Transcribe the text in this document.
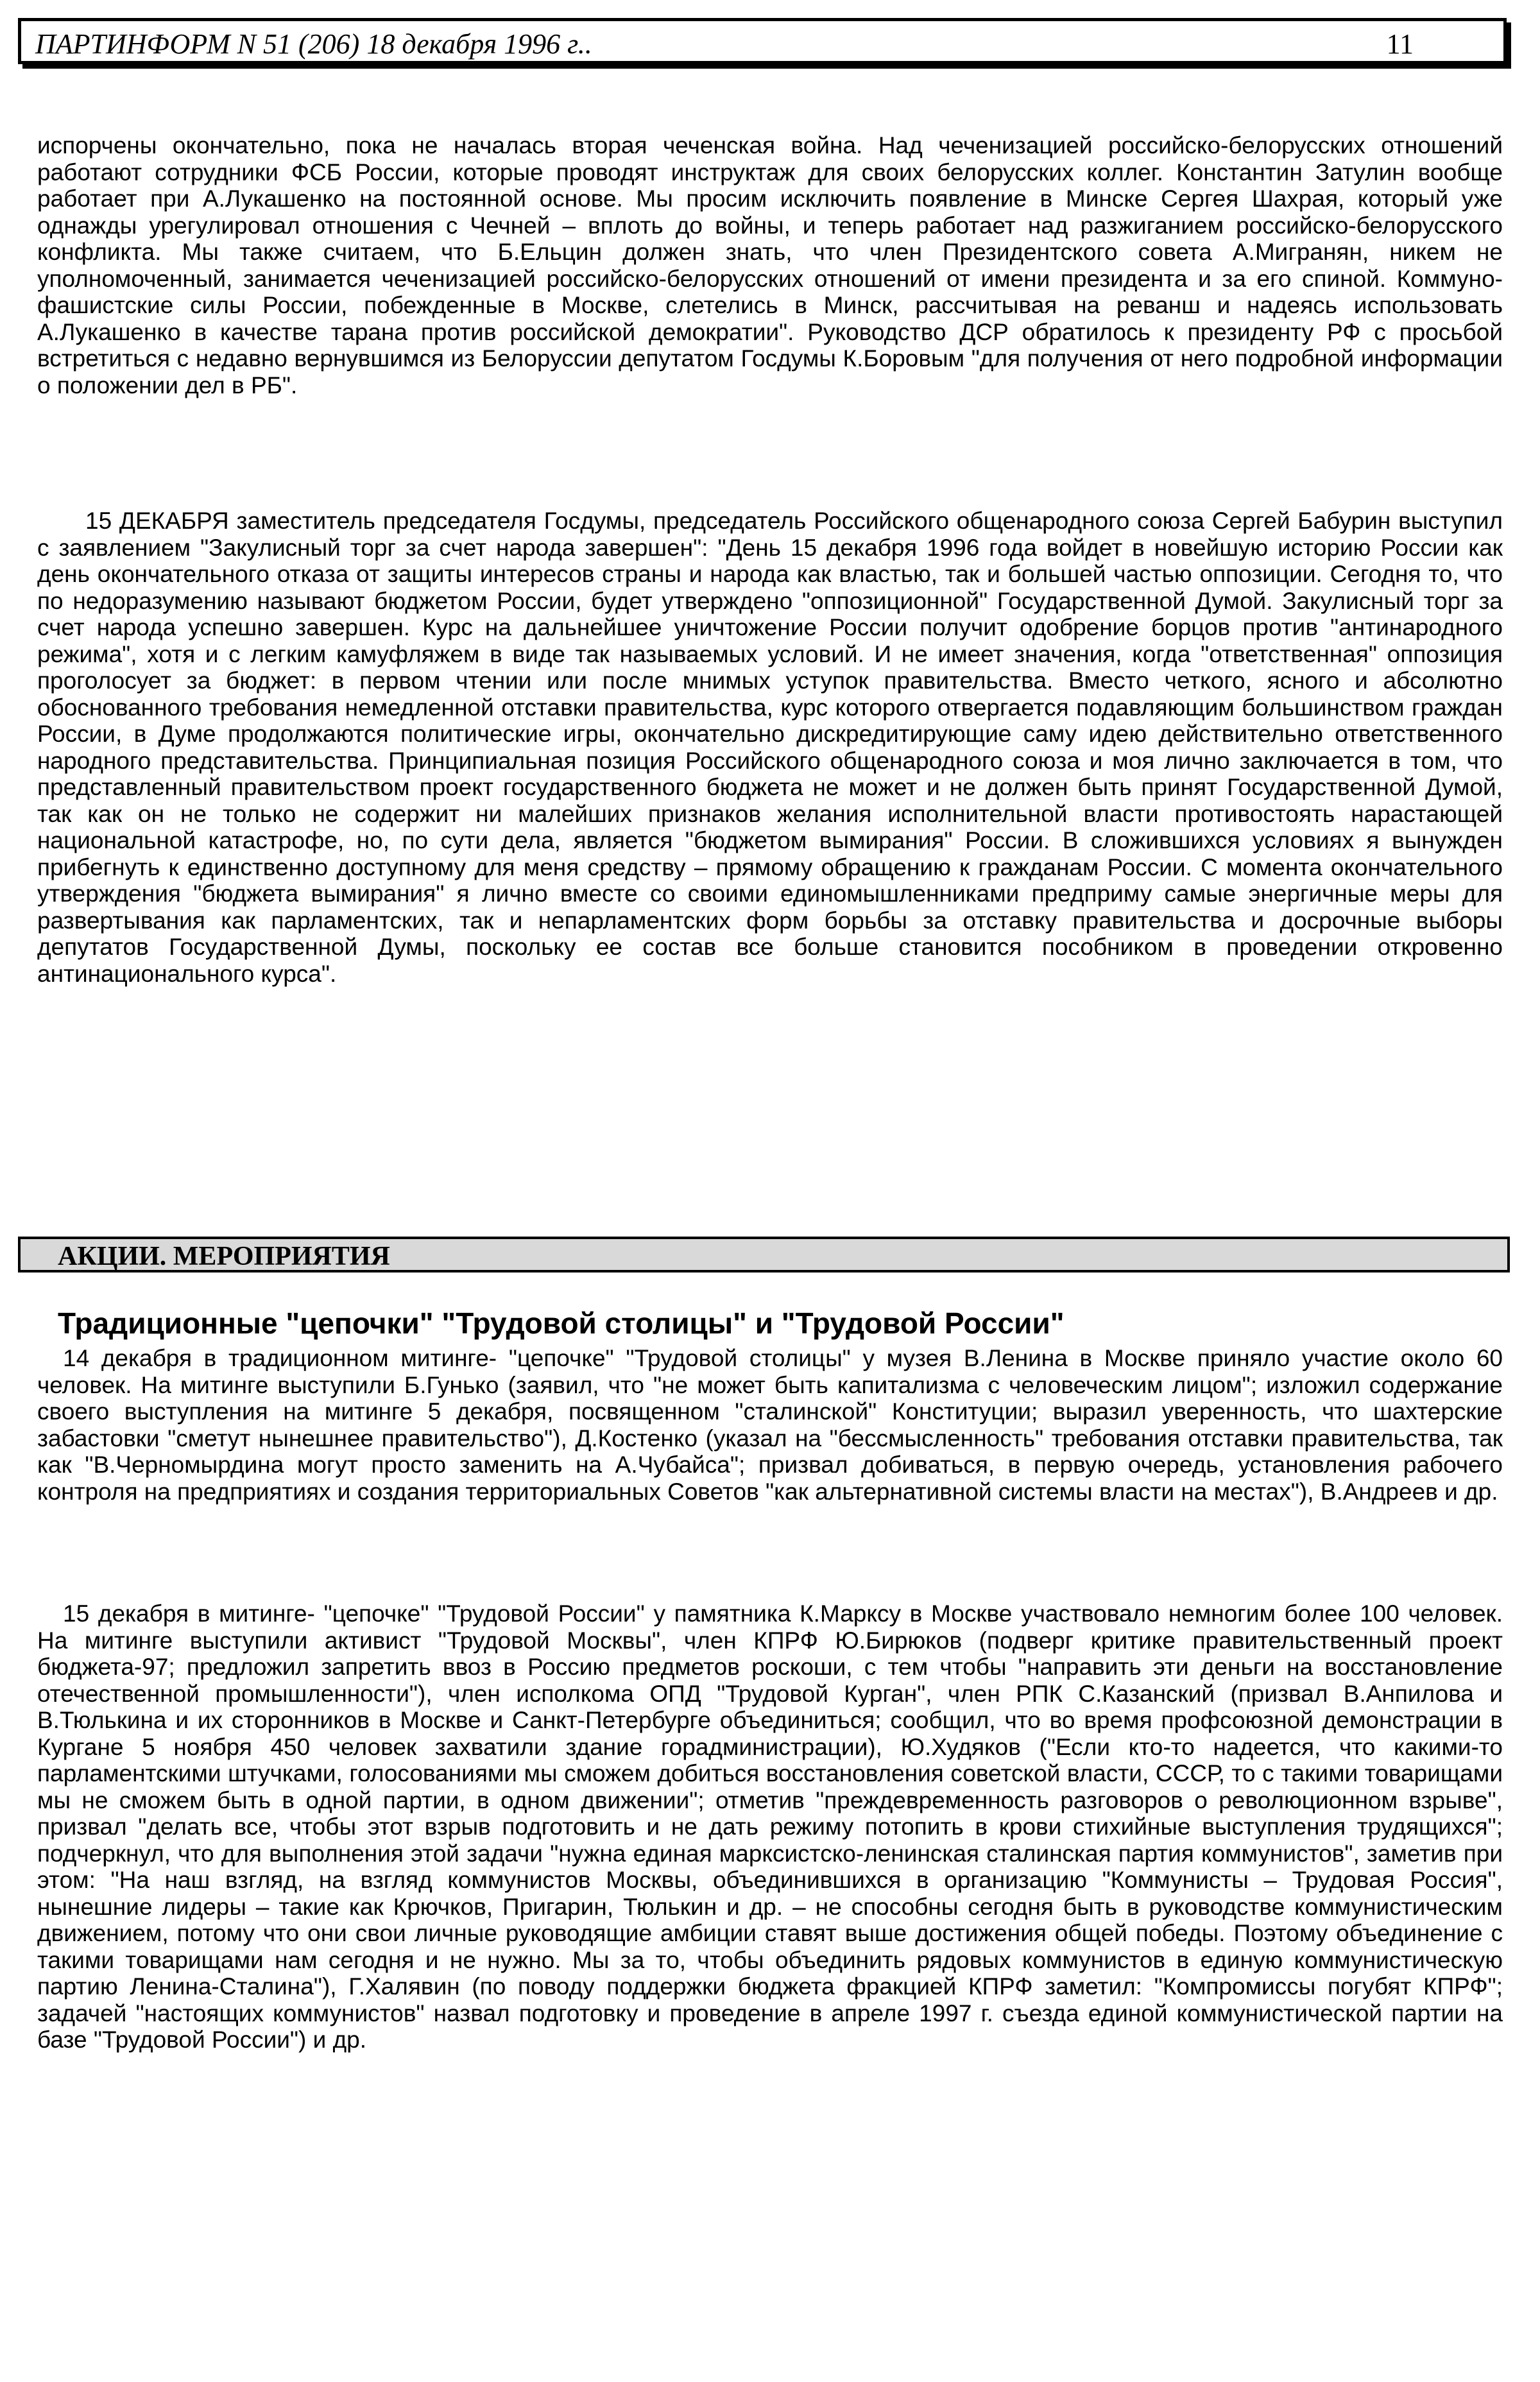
ПАРТИНФОРМ N 51 (206) 18 декабря 1996 г..	11

испорчены окончательно, пока не началась вторая чеченская война. Над чеченизацией российско-белорусских отношений работают сотрудники ФСБ России, которые проводят инструктаж для своих белорусских коллег. Константин Затулин вообще работает при А.Лукашенко на постоянной основе. Мы просим исключить появление в Минске Сергея Шахрая, который уже однажды урегулировал отношения с Чечней – вплоть до войны, и теперь работает над разжиганием российско-белорусского конфликта. Мы также считаем, что Б.Ельцин должен знать, что член Президентского совета А.Мигранян, никем не уполномоченный, занимается чеченизацией российско-белорусских отношений от имени президента и за его спиной. Коммуно-фашистские силы России, побежденные в Москве, слетелись в Минск, рассчитывая на реванш и надеясь использовать А.Лукашенко в качестве тарана против российской демократии". Руководство ДСР обратилось к президенту РФ с просьбой встретиться с недавно вернувшимся из Белоруссии депутатом Госдумы К.Боровым "для получения от него подробной информации о положении дел в РБ".

15 ДЕКАБРЯ заместитель председателя Госдумы, председатель Российского общенародного союза Сергей Бабурин выступил с заявлением "Закулисный торг за счет народа завершен": "День 15 декабря 1996 года войдет в новейшую историю России как день окончательного отказа от защиты интересов страны и народа как властью, так и большей частью оппозиции. Сегодня то, что по недоразумению называют бюджетом России, будет утверждено "оппозиционной" Государственной Думой. Закулисный торг за счет народа успешно завершен. Курс на дальнейшее уничтожение России получит одобрение борцов против "антинародного режима", хотя и с легким камуфляжем в виде так называемых условий. И не имеет значения, когда "ответственная" оппозиция проголосует за бюджет: в первом чтении или после мнимых уступок правительства. Вместо четкого, ясного и абсолютно обоснованного требования немедленной отставки правительства, курс которого отвергается подавляющим большинством граждан России, в Думе продолжаются политические игры, окончательно дискредитирующие саму идею действительно ответственного народного представительства. Принципиальная позиция Российского общенародного союза и моя лично заключается в том, что представленный правительством проект государственного бюджета не может и не должен быть принят Государственной Думой, так как он не только не содержит ни малейших признаков желания исполнительной власти противостоять нарастающей национальной катастрофе, но, по сути дела, является "бюджетом вымирания" России. В сложившихся условиях я вынужден прибегнуть к единственно доступному для меня средству – прямому обращению к гражданам России. С момента окончательного утверждения "бюджета вымирания" я лично вместе со своими единомышленниками предприму самые энергичные меры для развертывания как парламентских, так и непарламентских форм борьбы за отставку правительства и досрочные выборы депутатов Государственной Думы, поскольку ее состав все больше становится пособником в проведении откровенно антинационального курса".

АКЦИИ. МЕРОПРИЯТИЯ
Традиционные "цепочки" "Трудовой столицы" и "Трудовой России"

14 декабря в традиционном митинге- "цепочке" "Трудовой столицы" у музея В.Ленина в Москве приняло участие около 60 человек. На митинге выступили Б.Гунько (заявил, что "не может быть капитализма с человеческим лицом"; изложил содержание своего выступления на митинге 5 декабря, посвященном "сталинской" Конституции; выразил уверенность, что шахтерские забастовки "сметут нынешнее правительство"), Д.Костенко (указал на "бессмысленность" требования отставки правительства, так как "В.Черномырдина могут просто заменить на А.Чубайса"; призвал добиваться, в первую очередь, установления рабочего контроля на предприятиях и создания территориальных Советов "как альтернативной системы власти на местах"), В.Андреев и др.

15 декабря в митинге- "цепочке" "Трудовой России" у памятника К.Марксу в Москве участвовало немногим более 100 человек. На митинге выступили активист "Трудовой Москвы", член КПРФ Ю.Бирюков (подверг критике правительственный проект бюджета-97; предложил запретить ввоз в Россию предметов роскоши, с тем чтобы "направить эти деньги на восстановление отечественной промышленности"), член исполкома ОПД "Трудовой Курган", член РПК С.Казанский (призвал В.Анпилова и В.Тюлькина и их сторонников в Москве и Санкт-Петербурге объединиться; сообщил, что во время профсоюзной демонстрации в Кургане 5 ноября 450 человек захватили здание горадминистрации), Ю.Худяков ("Если кто-то надеется, что какими-то парламентскими штучками, голосованиями мы сможем добиться восстановления советской власти, СССР, то с такими товарищами мы не сможем быть в одной партии, в одном движении"; отметив "преждевременность разговоров о революционном взрыве", призвал "делать все, чтобы этот взрыв подготовить и не дать режиму потопить в крови стихийные выступления трудящихся"; подчеркнул, что для выполнения этой задачи "нужна единая марксистско-ленинская сталинская партия коммунистов", заметив при этом: "На наш взгляд, на взгляд коммунистов Москвы, объединившихся в организацию "Коммунисты – Трудовая Россия", нынешние лидеры – такие как Крючков, Пригарин, Тюлькин и др. – не способны сегодня быть в руководстве коммунистическим движением, потому что они свои личные руководящие амбиции ставят выше достижения общей победы. Поэтому объединение с такими товарищами нам сегодня и не нужно. Мы за то, чтобы объединить рядовых коммунистов в единую коммунистическую партию Ленина-Сталина"), Г.Халявин (по поводу поддержки бюджета фракцией КПРФ заметил: "Компромиссы погубят КПРФ"; задачей "настоящих коммунистов" назвал подготовку и проведение в апреле 1997 г. съезда единой коммунистической партии на базе "Трудовой России") и др.
